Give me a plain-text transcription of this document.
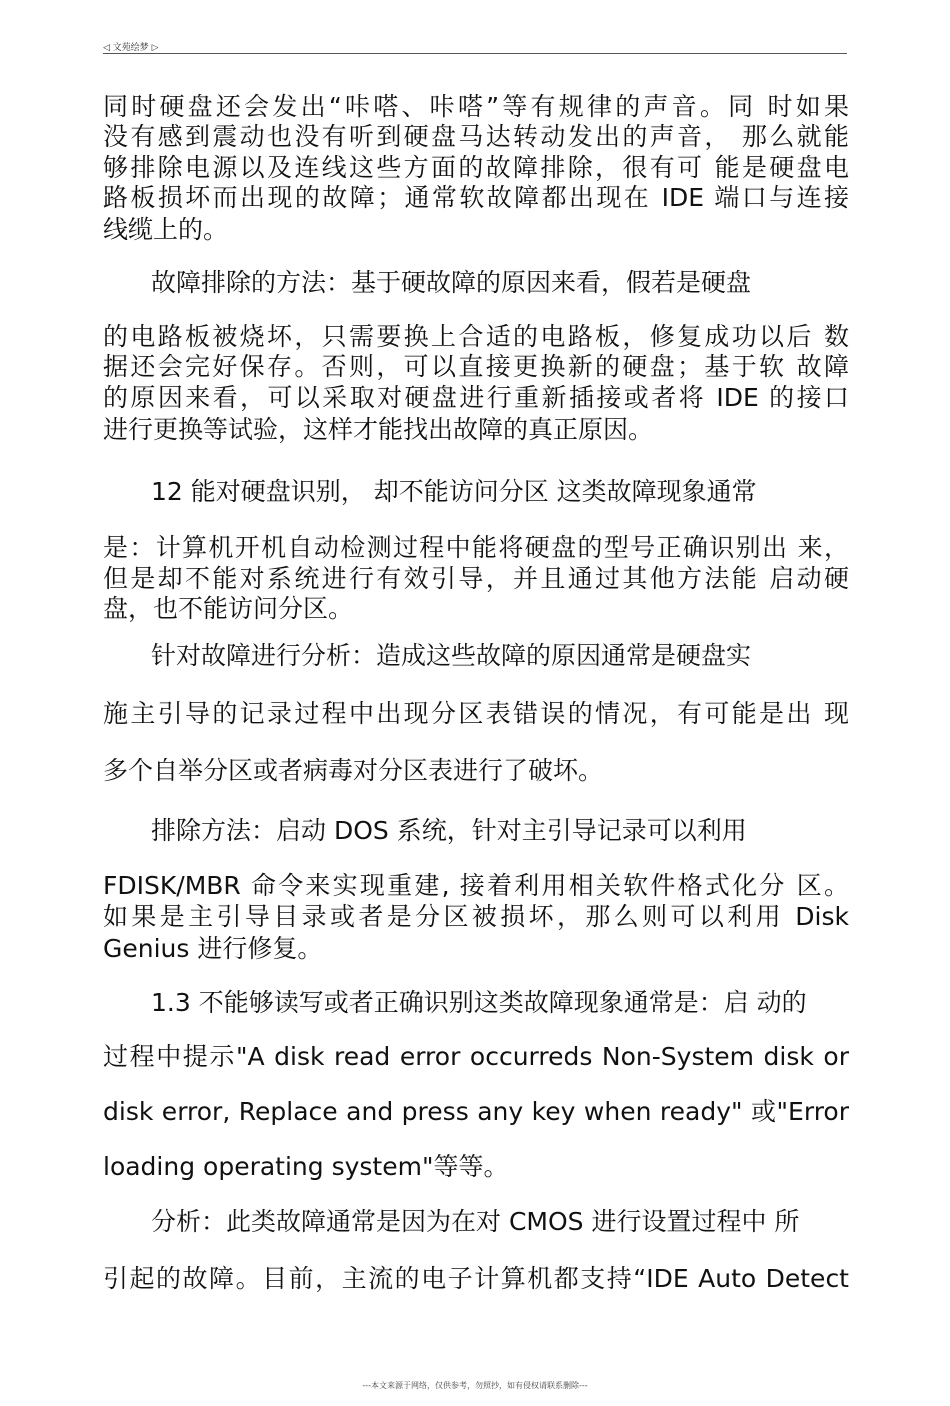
◁ 文苑绘梦 ▷
同时硬盘还会发出“咔嗒、咔嗒”等有规律的声音。同 时如果
没有感到震动也没有听到硬盘马达转动发出的声音， 那么就能
够排除电源以及连线这些方面的故障排除，很有可 能是硬盘电
路板损坏而出现的故障；通常软故障都出现在 IDE 端口与连接
线缆上的。
故障排除的方法：基于硬故障的原因来看，假若是硬盘
的电路板被烧坏，只需要换上合适的电路板，修复成功以后 数
据还会完好保存。否则，可以直接更换新的硬盘；基于软 故障
的原因来看，可以采取对硬盘进行重新插接或者将 IDE 的接口
进行更换等试验，这样才能找出故障的真正原因。
12 能对硬盘识别， 却不能访问分区 这类故障现象通常
是：计算机开机自动检测过程中能将硬盘的型号正确识别出 来，
但是却不能对系统进行有效引导，并且通过其他方法能 启动硬
盘，也不能访问分区。
针对故障进行分析：造成这些故障的原因通常是硬盘实
施主引导的记录过程中出现分区表错误的情况，有可能是出 现
多个自举分区或者病毒对分区表进行了破坏。
排除方法：启动 DOS 系统，针对主引导记录可以利用
FDISK/MBR 命令来实现重建, 接着利用相关软件格式化分 区。
如果是主引导目录或者是分区被损坏，那么则可以利用 Disk
Genius 进行修复。
1.3 不能够读写或者正确识别这类故障现象通常是：启 动的
过程中提示"A disk read error occurreds Non-System disk or
disk error, Replace and press any key when ready" 或"Error
loading operating system"等等。
分析：此类故障通常是因为在对 CMOS 进行设置过程中 所
引起的故障。目前，主流的电子计算机都支持“IDE Auto Detect
---本文来源于网络，仅供参考，勿照抄，如有侵权请联系删除---
